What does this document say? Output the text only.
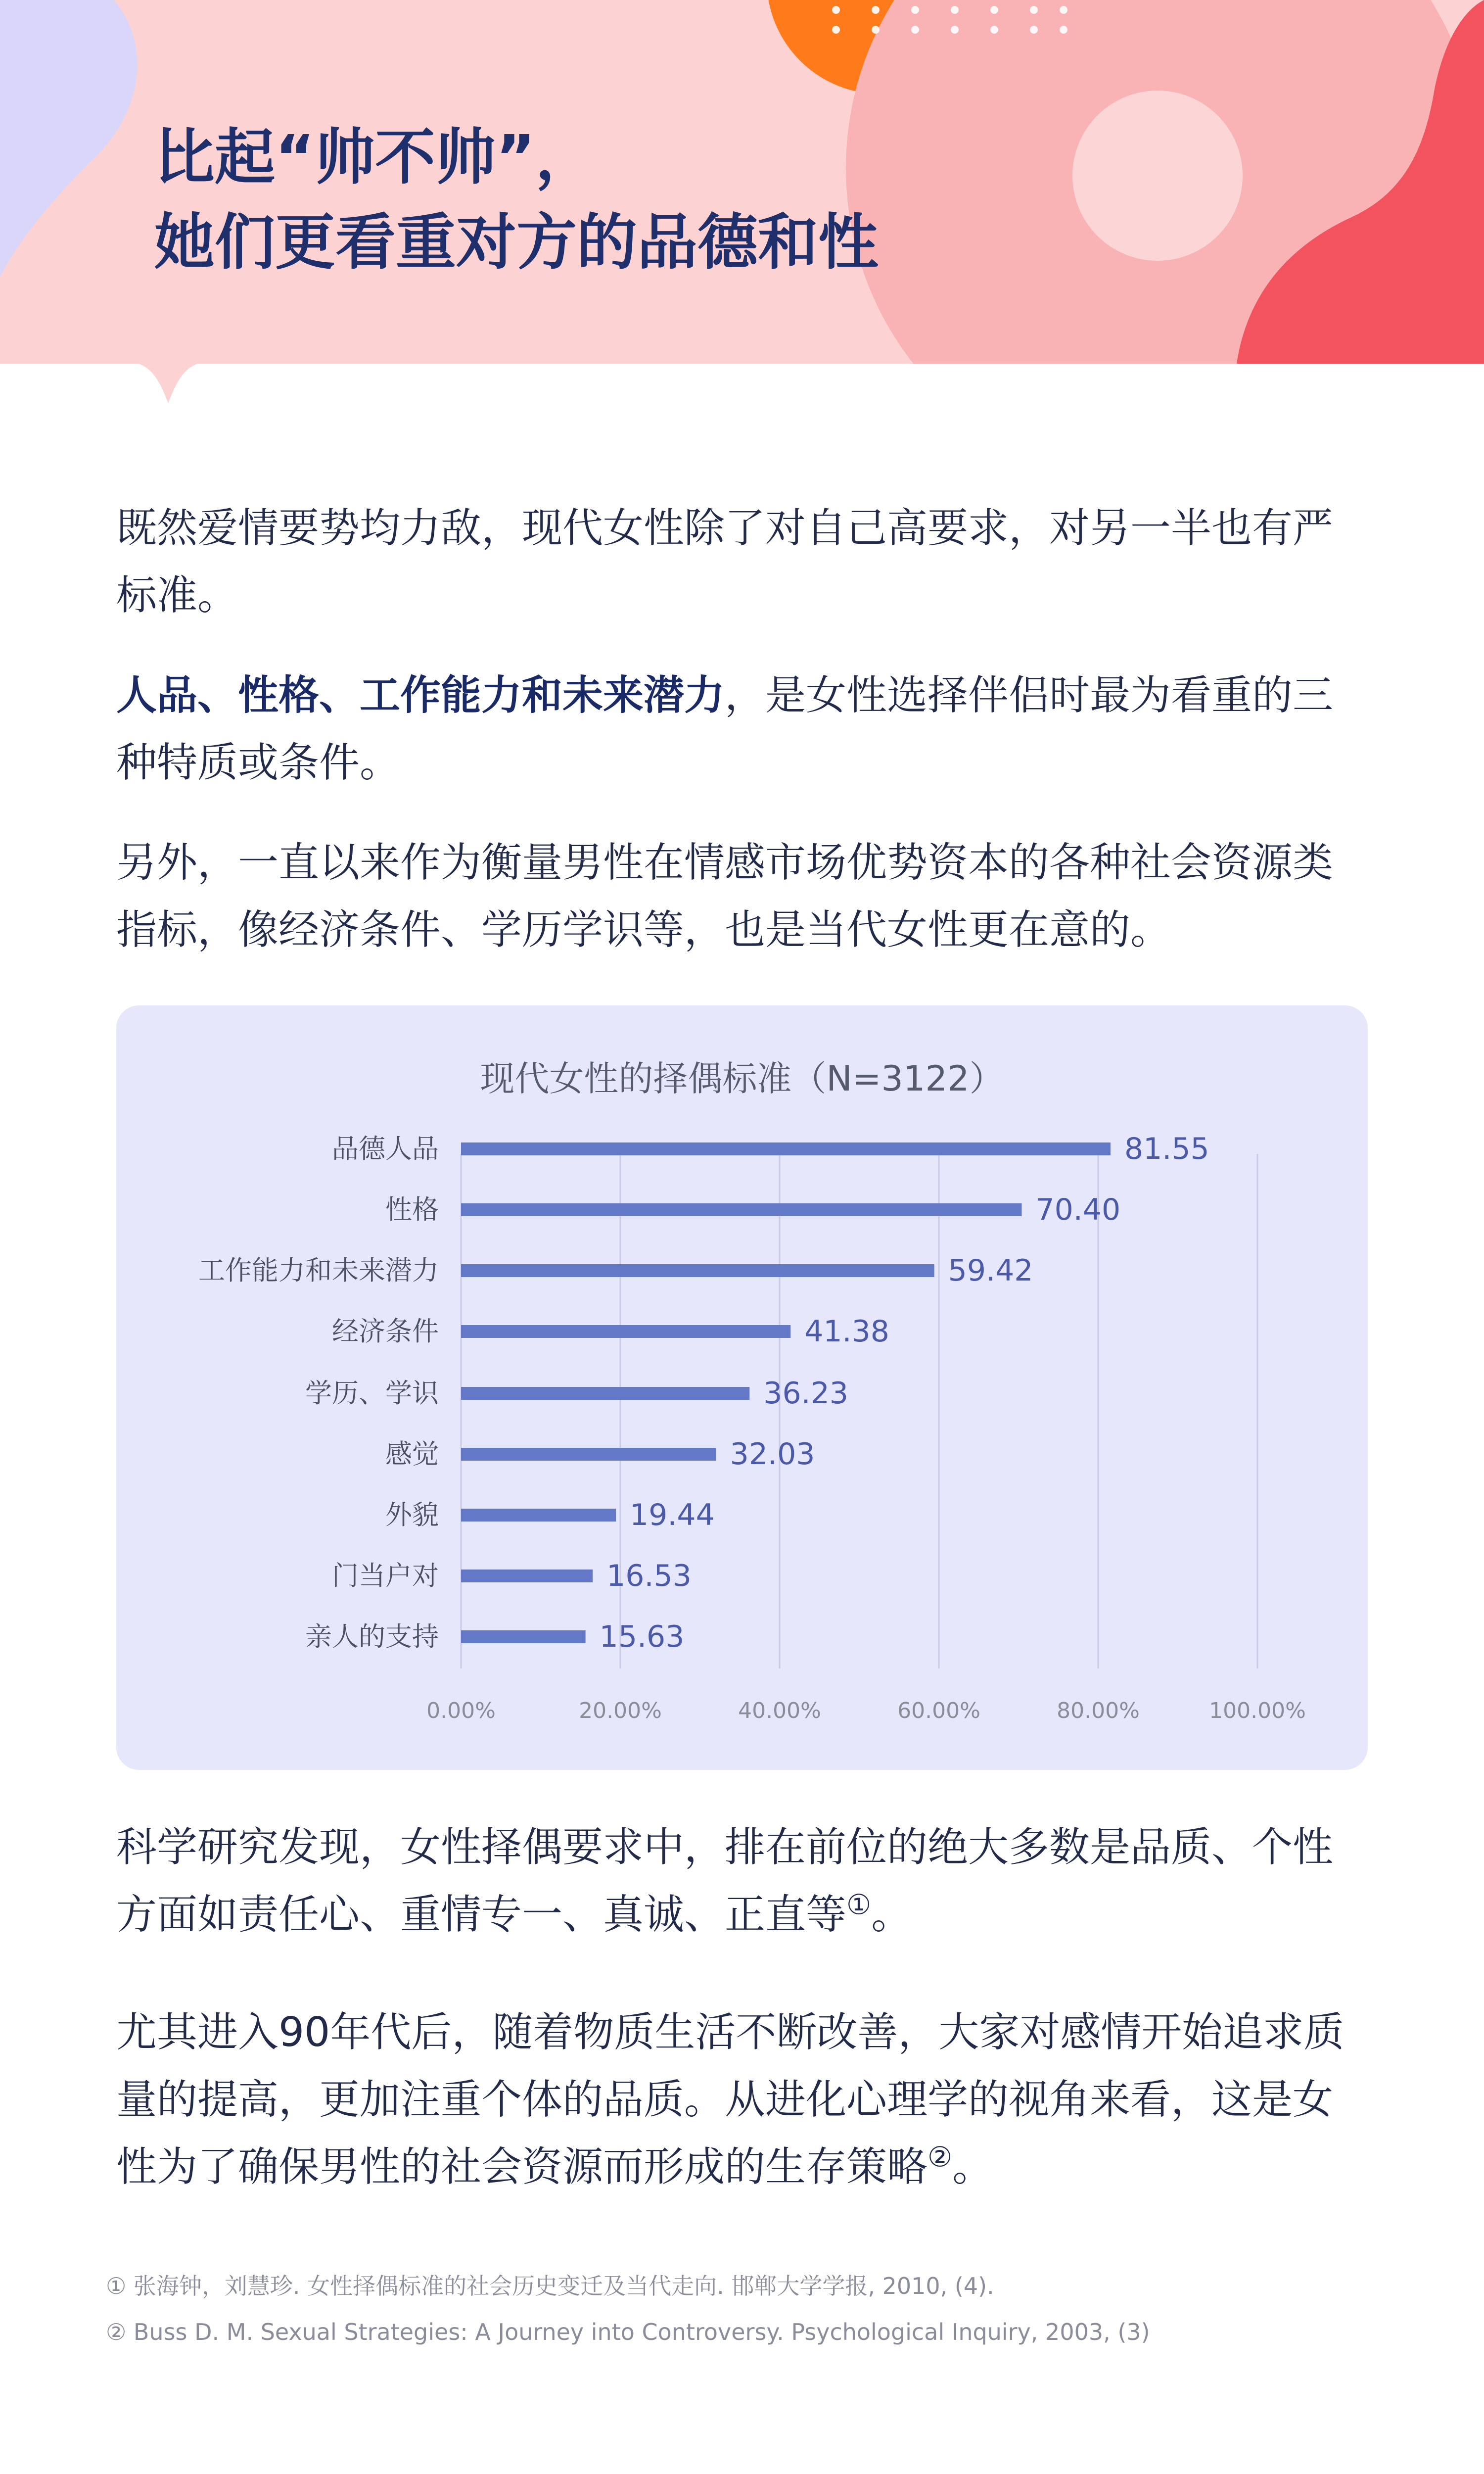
比起“帅不帅”，
她们更看重对方的品德和性

既然爱情要势均力敌，现代女性除了对自己高要求，对另一半也有严标准。

人品、性格、工作能力和未来潜力，是女性选择伴侣时最为看重的三种特质或条件。

另外，一直以来作为衡量男性在情感市场优势资本的各种社会资源类指标，像经济条件、学历学识等，也是当代女性更在意的。

现代女性的择偶标准（N=3122）

0.00%	20.00%	40.00%	60.00%	80.00%	100.00%
品德人品	81.55
性格	70.40
工作能力和未来潜力	59.42
经济条件	41.38
学历、学识	36.23
感觉	32.03
外貌	19.44
门当户对	16.53
亲人的支持	15.63

科学研究发现，女性择偶要求中，排在前位的绝大多数是品质、个性方面如责任心、重情专一、真诚、正直等①。

尤其进入90年代后，随着物质生活不断改善，大家对感情开始追求质量的提高，更加注重个体的品质。从进化心理学的视角来看，这是女性为了确保男性的社会资源而形成的生存策略②。

① 张海钟，刘慧珍. 女性择偶标准的社会历史变迁及当代走向. 邯郸大学学报, 2010, (4).

② Buss D. M. Sexual Strategies: A Journey into Controversy. Psychological Inquiry, 2003, (3)
